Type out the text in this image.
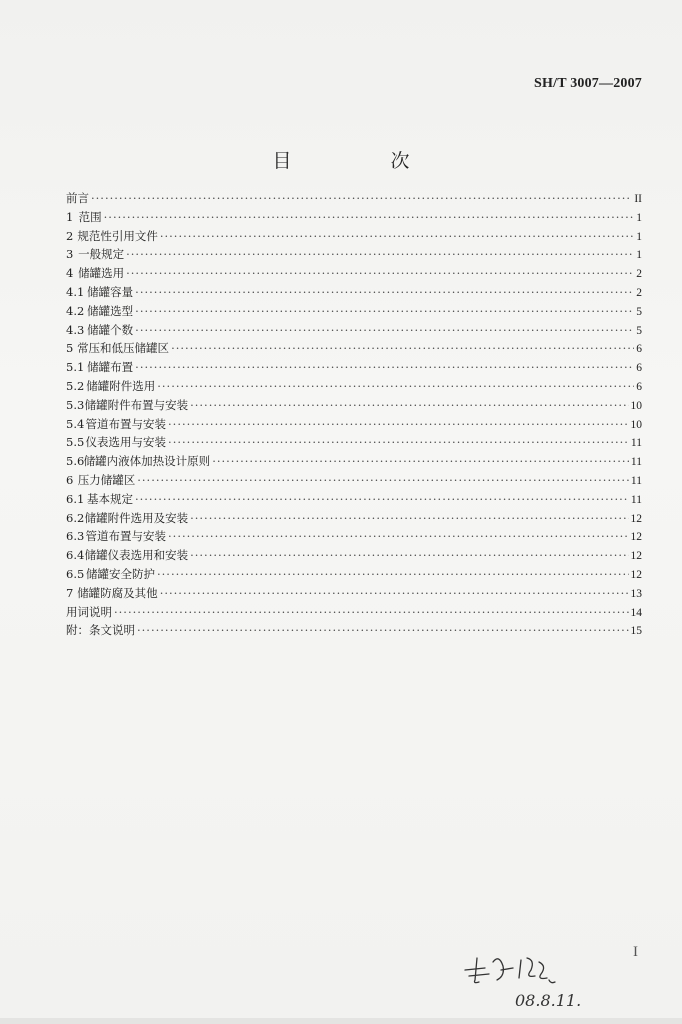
SH/T 3007—2007
目　次
前言 ·····	II
1 范围 ·····	1
2 规范性引用文件 ·····	1
3 一般规定 ·····	1
4 储罐选用 ·····	2
4.1 储罐容量 ·····	2
4.2 储罐选型 ·····	5
4.3 储罐个数 ·····	5
5 常压和低压储罐区 ·····	6
5.1 储罐布置 ·····	6
5.2 储罐附件选用 ·····	6
5.3 储罐附件布置与安装 ·····	10
5.4 管道布置与安装 ·····	10
5.5 仪表选用与安装 ·····	11
5.6 储罐内液体加热设计原则 ·····	11
6 压力储罐区 ·····	11
6.1 基本规定 ·····	11
6.2 储罐附件选用及安装 ·····	12
6.3 管道布置与安装 ·····	12
6.4 储罐仪表选用和安装 ·····	12
6.5 储罐安全防护 ·····	12
7 储罐防腐及其他 ·····	13
用词说明 ·····	14
附：条文说明 ·····	15
I
08.8.11.
